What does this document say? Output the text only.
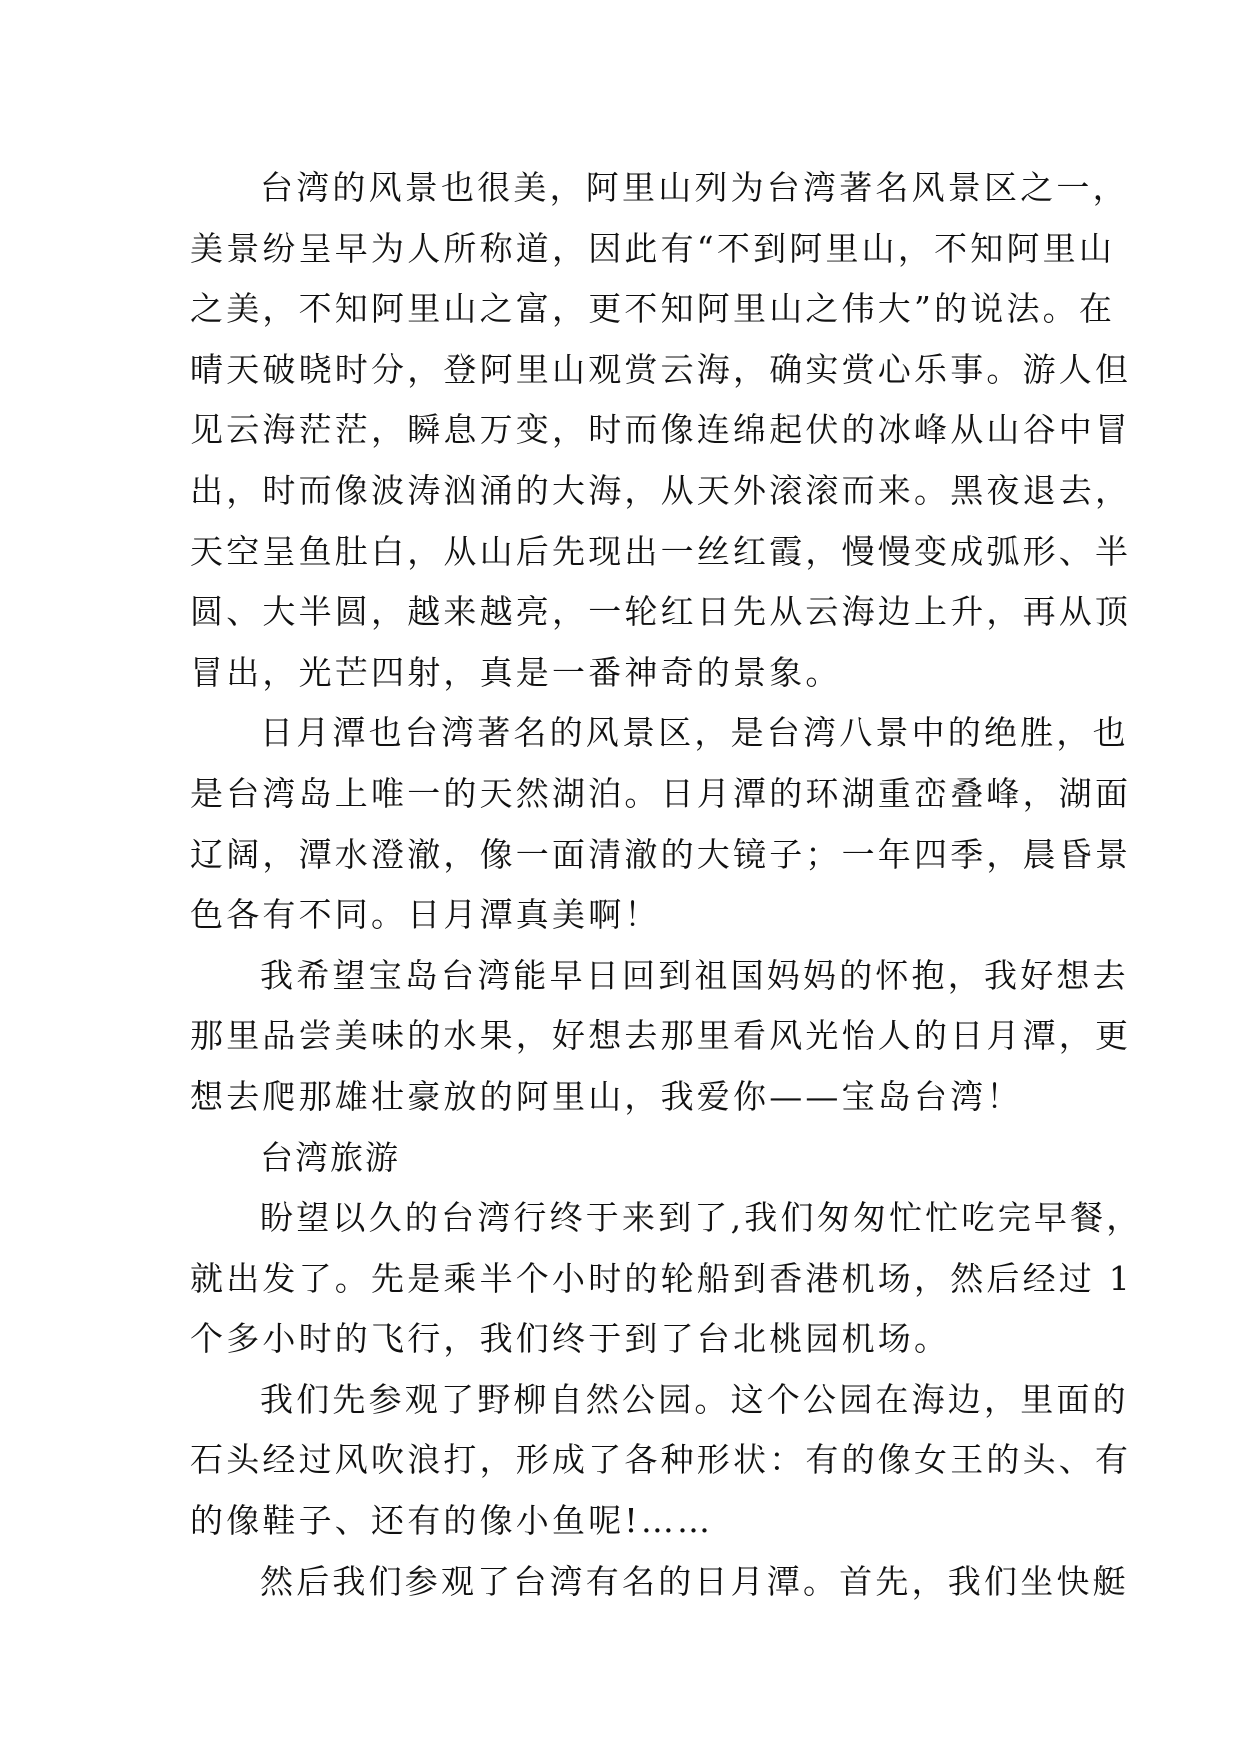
台湾的风景也很美，阿里山列为台湾著名风景区之一，
美景纷呈早为人所称道，因此有“不到阿里山，不知阿里山
之美，不知阿里山之富，更不知阿里山之伟大”的说法。在
晴天破晓时分，登阿里山观赏云海，确实赏心乐事。游人但
见云海茫茫，瞬息万变，时而像连绵起伏的冰峰从山谷中冒
出，时而像波涛汹涌的大海，从天外滚滚而来。黑夜退去，
天空呈鱼肚白，从山后先现出一丝红霞，慢慢变成弧形、半
圆、大半圆，越来越亮，一轮红日先从云海边上升，再从顶
冒出，光芒四射，真是一番神奇的景象。
日月潭也台湾著名的风景区，是台湾八景中的绝胜，也
是台湾岛上唯一的天然湖泊。日月潭的环湖重峦叠峰，湖面
辽阔，潭水澄澈，像一面清澈的大镜子；一年四季，晨昏景
色各有不同。日月潭真美啊！
我希望宝岛台湾能早日回到祖国妈妈的怀抱，我好想去
那里品尝美味的水果，好想去那里看风光怡人的日月潭，更
想去爬那雄壮豪放的阿里山，我爱你——宝岛台湾！
台湾旅游
盼望以久的台湾行终于来到了,我们匆匆忙忙吃完早餐，
就出发了。先是乘半个小时的轮船到香港机场，然后经过 1
个多小时的飞行，我们终于到了台北桃园机场。
我们先参观了野柳自然公园。这个公园在海边，里面的
石头经过风吹浪打，形成了各种形状：有的像女王的头、有
的像鞋子、还有的像小鱼呢!……
然后我们参观了台湾有名的日月潭。首先，我们坐快艇
